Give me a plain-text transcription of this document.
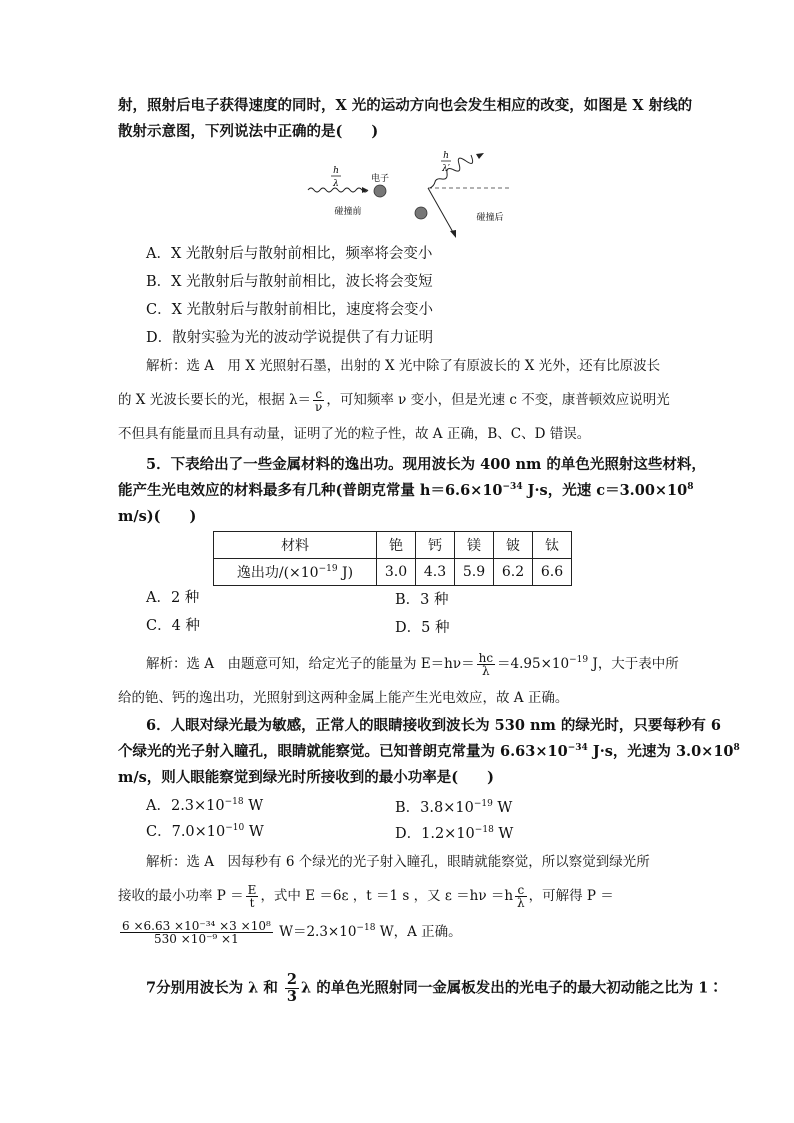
射，照射后电子获得速度的同时，X 光的运动方向也会发生相应的改变，如图是 X 射线的
散射示意图，下列说法中正确的是(　　)
h
λ	电子
碰撞前
h
λ′
碰撞后
A．X 光散射后与散射前相比，频率将会变小
B．X 光散射后与散射前相比，波长将会变短
C．X 光散射后与散射前相比，速度将会变小
D．散射实验为光的波动学说提供了有力证明
解析：选 A　用 X 光照射石墨，出射的 X 光中除了有原波长的 X 光外，还有比原波长
的 X 光波长要长的光，根据 $\lambda= \frac{c}{\nu}$ ，可知频率 ν 变小，但是光速 c 不变，康普顿效应说明光
不但具有能量而且具有动量，证明了光的粒子性，故 A 正确，B、C、D 错误。
5．下表给出了一些金属材料的逸出功。现用波长为 400 nm 的单色光照射这些材料，
能产生光电效应的材料最多有几种(普朗克常量 $h=6.6\times 10^{-34}$ J·s，光速 $c=3.00\times 10^8$
m/s)(　　)
材料	铯	钙	镁	铍	钛
逸出功$/(\times 10^{-19}$ J)	3.0	4.3	5.9	6.2	6.6
A．2 种	B．3 种
C．4 种	D．5 种
解析：选 A　由题意可知，给定光子的能量为 $E=h\nu= \frac{hc}{\lambda} =4.95\times 10^{-19}$ J，大于表中所
给的铯、钙的逸出功，光照射到这两种金属上能产生光电效应，故 A 正确。
6．人眼对绿光最为敏感，正常人的眼睛接收到波长为 530 nm 的绿光时，只要每秒有 6
个绿光的光子射入瞳孔，眼睛就能察觉。已知普朗克常量为 $6.63\times 10^{-34}$ J·s，光速为 $3.0\times 10^8$
m/s，则人眼能察觉到绿光时所接收到的最小功率是(　　)
A．$2.3\times 10^{-18}$ W	B．$3.8\times 10^{-19}$ W
C．$7.0\times 10^{-10}$ W	D．$1.2\times 10^{-18}$ W
解析：选 A　因每秒有 6 个绿光的光子射入瞳孔，眼睛就能察觉，所以察觉到绿光所
接收的最小功率 $P = \frac{E}{t}$ ，式中 E ＝6ε ，t ＝1 s ，又 $\varepsilon =h\nu =h \frac{c}{\lambda}$ ，可解得 P ＝
$\frac{\text{6 ×6.63 ×10⁻³⁴ ×3 ×10⁸}}{\text{530 ×10⁻⁹ ×1}} W=2.3\times 10^{-18}$ W，A 正确。
7分别用波长为 λ 和 $\frac{2}{3}$ λ 的单色光照射同一金属板发出的光电子的最大初动能之比为 1∶
